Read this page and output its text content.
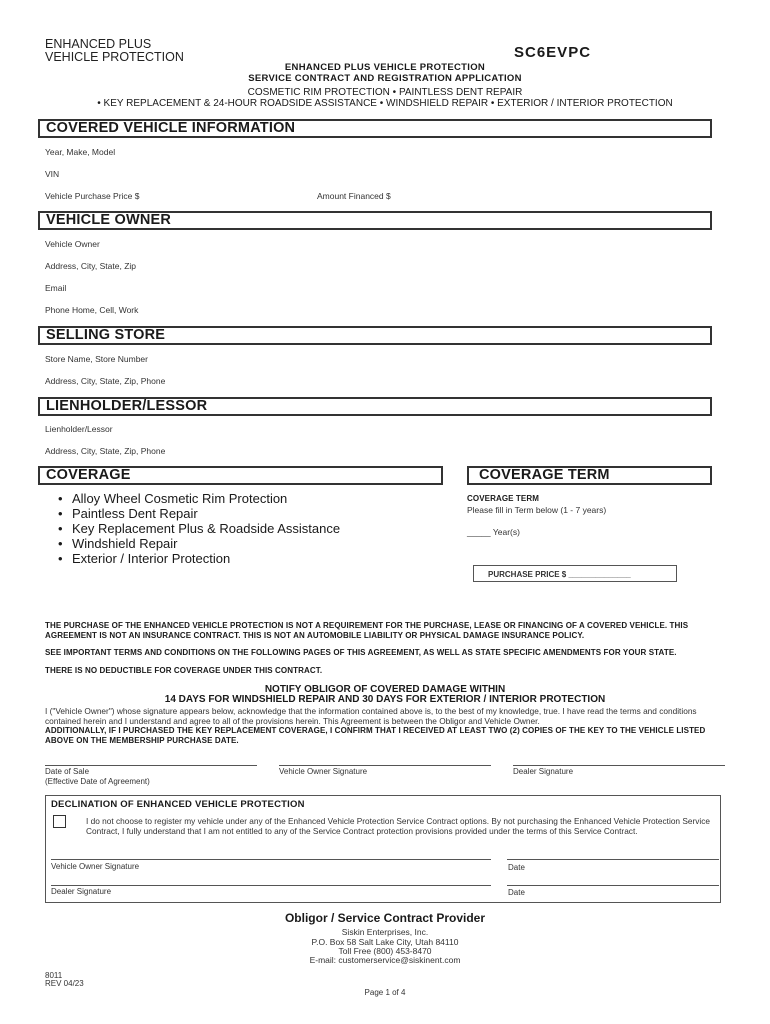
ENHANCED PLUS
VEHICLE PROTECTION	SC6EVPC
ENHANCED PLUS VEHICLE PROTECTION
SERVICE CONTRACT AND REGISTRATION APPLICATION
COSMETIC RIM PROTECTION • PAINTLESS DENT REPAIR
• KEY REPLACEMENT & 24-HOUR ROADSIDE ASSISTANCE • WINDSHIELD REPAIR • EXTERIOR / INTERIOR PROTECTION
COVERED VEHICLE INFORMATION
Year, Make, Model
VIN
Vehicle Purchase Price $	Amount Financed $
VEHICLE OWNER
Vehicle Owner
Address, City, State, Zip
Email
Phone Home, Cell, Work
SELLING STORE
Store Name, Store Number
Address, City, State, Zip, Phone
LIENHOLDER/LESSOR
Lienholder/Lessor
Address, City, State, Zip, Phone
COVERAGE
• Alloy Wheel Cosmetic Rim Protection
• Paintless Dent Repair
• Key Replacement Plus & Roadside Assistance
• Windshield Repair
• Exterior / Interior Protection
COVERAGE TERM
COVERAGE TERM
Please fill in Term below (1 - 7 years)
_____ Year(s)
PURCHASE PRICE $ ______________
THE PURCHASE OF THE ENHANCED VEHICLE PROTECTION IS NOT A REQUIREMENT FOR THE PURCHASE, LEASE OR FINANCING OF A COVERED VEHICLE. THIS AGREEMENT IS NOT AN INSURANCE CONTRACT. THIS IS NOT AN AUTOMOBILE LIABILITY OR PHYSICAL DAMAGE INSURANCE POLICY.
SEE IMPORTANT TERMS AND CONDITIONS ON THE FOLLOWING PAGES OF THIS AGREEMENT, AS WELL AS STATE SPECIFIC AMENDMENTS FOR YOUR STATE.
THERE IS NO DEDUCTIBLE FOR COVERAGE UNDER THIS CONTRACT.
NOTIFY OBLIGOR OF COVERED DAMAGE WITHIN
14 DAYS FOR WINDSHIELD REPAIR AND 30 DAYS FOR EXTERIOR / INTERIOR PROTECTION
I ("Vehicle Owner") whose signature appears below, acknowledge that the information contained above is, to the best of my knowledge, true. I have read the terms and conditions contained herein and I understand and agree to all of the provisions herein. This Agreement is between the Obligor and Vehicle Owner.
ADDITIONALLY, IF I PURCHASED THE KEY REPLACEMENT COVERAGE, I CONFIRM THAT I RECEIVED AT LEAST TWO (2) COPIES OF THE KEY TO THE VEHICLE LISTED ABOVE ON THE MEMBERSHIP PURCHASE DATE.
Date of Sale
(Effective Date of Agreement)
Vehicle Owner Signature	Dealer Signature
DECLINATION OF ENHANCED VEHICLE PROTECTION
I do not choose to register my vehicle under any of the Enhanced Vehicle Protection Service Contract options. By not purchasing the Enhanced Vehicle Protection Service Contract, I fully understand that I am not entitled to any of the Service Contract protection provisions provided under the terms of this Service Contract.
Vehicle Owner Signature	Date
Dealer Signature	Date
Obligor / Service Contract Provider
Siskin Enterprises, Inc.
P.O. Box 58 Salt Lake City, Utah 84110
Toll Free (800) 453-8470
E-mail: customerservice@siskinent.com
8011
REV 04/23
Page 1 of 4
